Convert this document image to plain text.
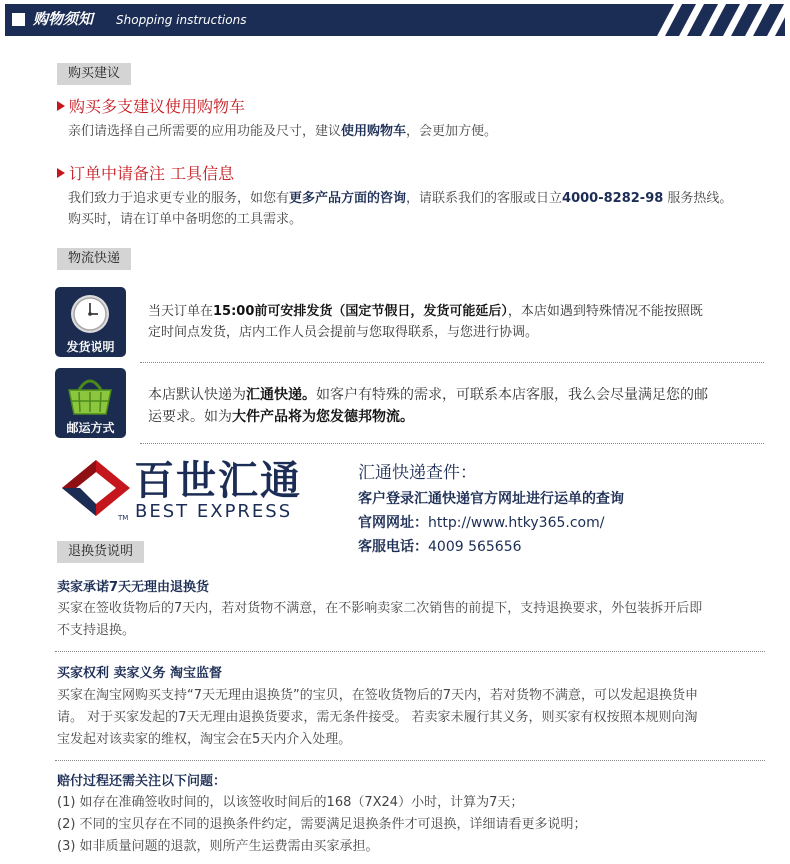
购物须知 Shopping instructions
购买建议
购买多支建议使用购物车
亲们请选择自己所需要的应用功能及尺寸，建议使用购物车，会更加方便。
订单中请备注 工具信息
我们致力于追求更专业的服务，如您有更多产品方面的咨询，请联系我们的客服或日立4000-8282-98 服务热线。
购买时，请在订单中备明您的工具需求。
物流快递
发货说明
当天订单在15:00前可安排发货（国定节假日，发货可能延后），本店如遇到特殊情况不能按照既
定时间点发货，店内工作人员会提前与您取得联系，与您进行协调。
邮运方式
本店默认快递为汇通快递。如客户有特殊的需求，可联系本店客服，我么会尽量满足您的邮
运要求。如为大件产品将为您发德邦物流。
TM
百世汇通
BEST EXPRESS
汇通快递查件：
客户登录汇通快递官方网址进行运单的查询
官网网址：http://www.htky365.com/
客服电话：4009 565656
退换货说明
卖家承诺7天无理由退换货
买家在签收货物后的7天内，若对货物不满意，在不影响卖家二次销售的前提下，支持退换要求，外包装拆开后即
不支持退换。
买家权利 卖家义务 淘宝监督
买家在淘宝网购买支持“7天无理由退换货”的宝贝，在签收货物后的7天内，若对货物不满意，可以发起退换货申
请。 对于买家发起的7天无理由退换货要求，需无条件接受。 若卖家未履行其义务，则买家有权按照本规则向淘
宝发起对该卖家的维权，淘宝会在5天内介入处理。
赔付过程还需关注以下问题：
(1) 如存在准确签收时间的，以该签收时间后的168（7X24）小时，计算为7天；
(2) 不同的宝贝存在不同的退换条件约定，需要满足退换条件才可退换，详细请看更多说明；
(3) 如非质量问题的退款，则所产生运费需由买家承担。
